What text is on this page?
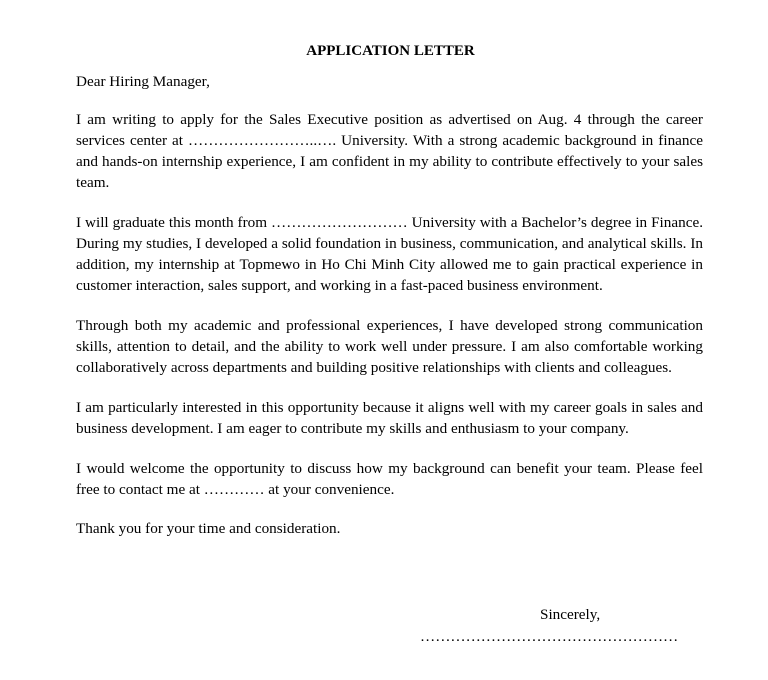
APPLICATION LETTER
Dear Hiring Manager,

I am writing to apply for the Sales Executive position as advertised on Aug. 4 through the career services center at ……………………..…. University. With a strong academic background in finance and hands-on internship experience, I am confident in my ability to contribute effectively to your sales team.

I will graduate this month from ……………………… University with a Bachelor’s degree in Finance. During my studies, I developed a solid foundation in business, communication, and analytical skills. In addition, my internship at Topmewo in Ho Chi Minh City allowed me to gain practical experience in customer interaction, sales support, and working in a fast-paced business environment.

Through both my academic and professional experiences, I have developed strong communication skills, attention to detail, and the ability to work well under pressure. I am also comfortable working collaboratively across departments and building positive relationships with clients and colleagues.

I am particularly interested in this opportunity because it aligns well with my career goals in sales and business development. I am eager to contribute my skills and enthusiasm to your company.

I would welcome the opportunity to discuss how my background can benefit your team. Please feel free to contact me at ………… at your convenience.

Thank you for your time and consideration.
Sincerely,
……………………………………………
